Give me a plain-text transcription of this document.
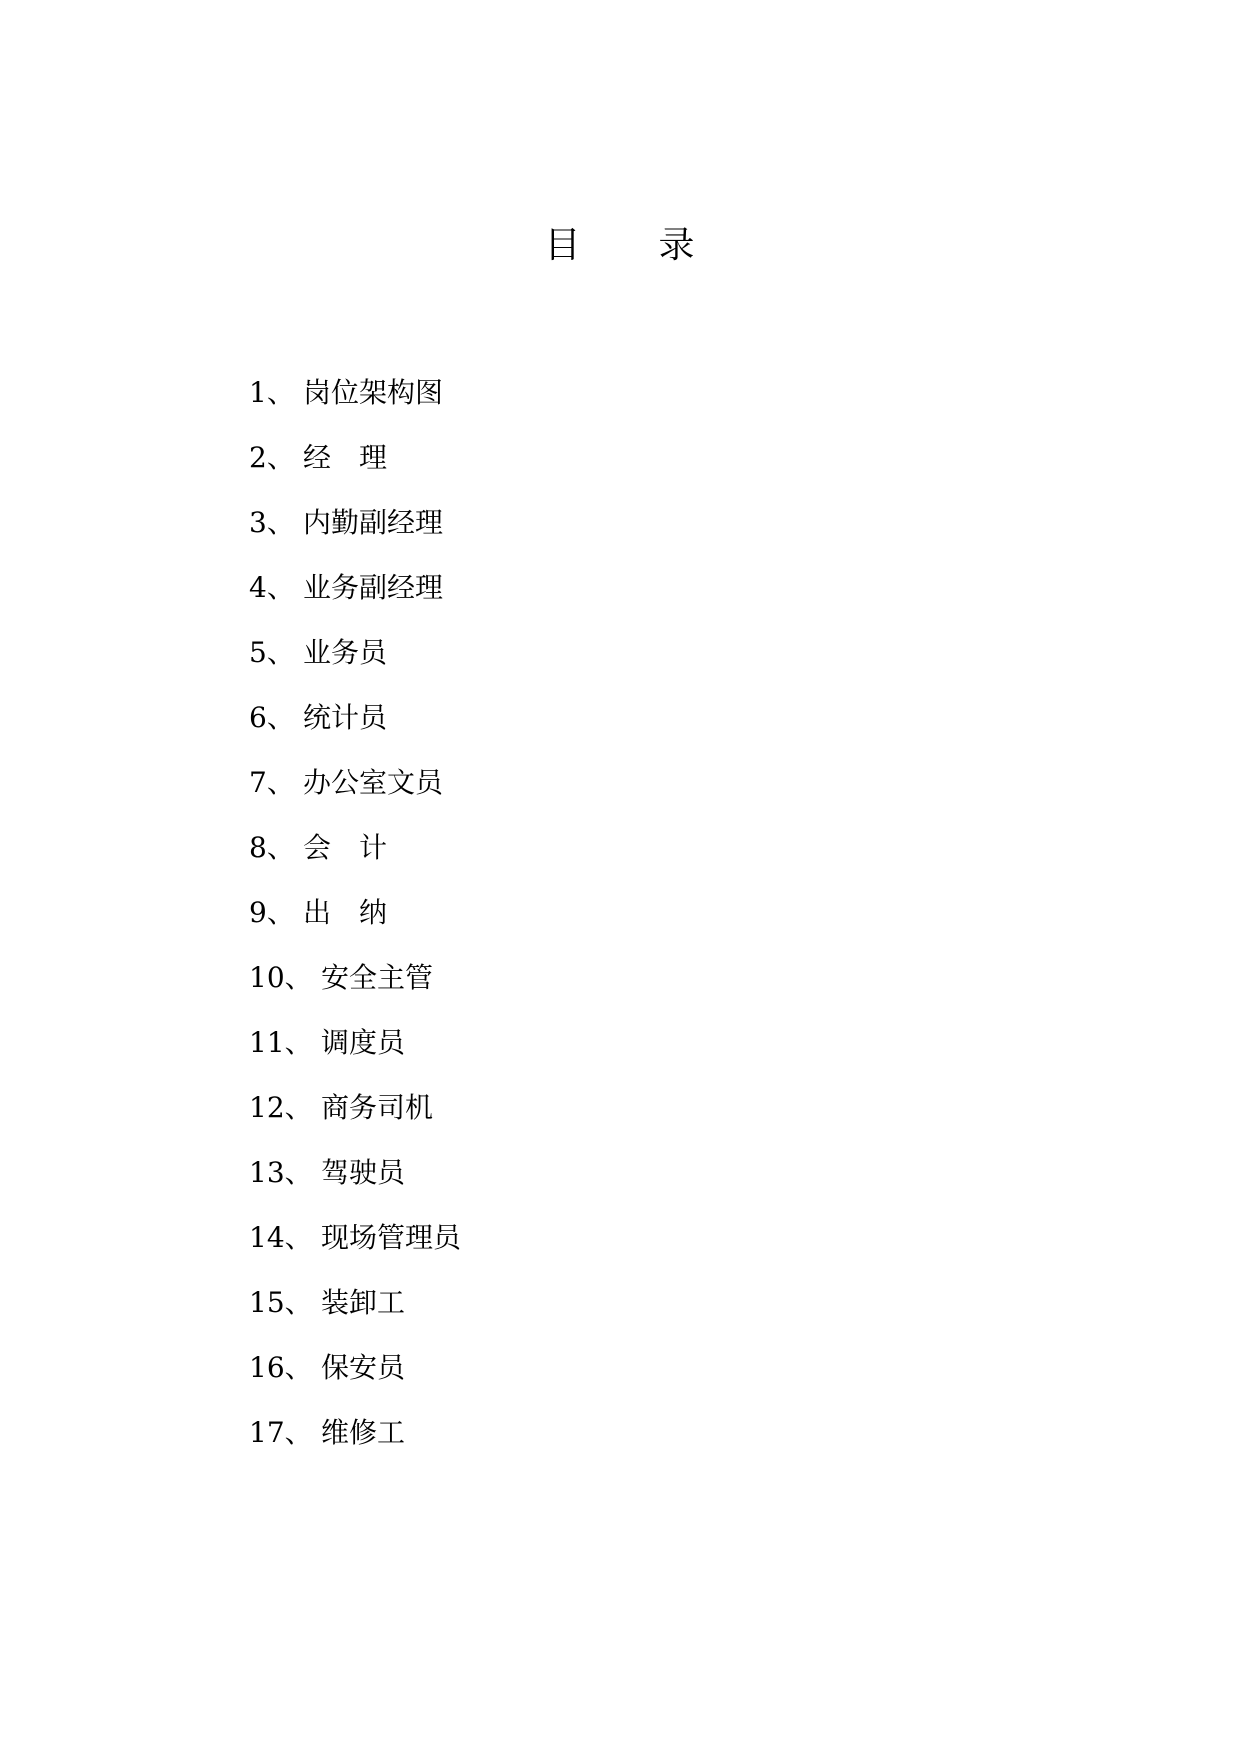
目　　录
1、 岗位架构图
2、 经　理
3、 内勤副经理
4、 业务副经理
5、 业务员
6、 统计员
7、 办公室文员
8、 会　计
9、 出　纳
10、 安全主管
11、 调度员
12、 商务司机
13、 驾驶员
14、 现场管理员
15、 装卸工
16、 保安员
17、 维修工
